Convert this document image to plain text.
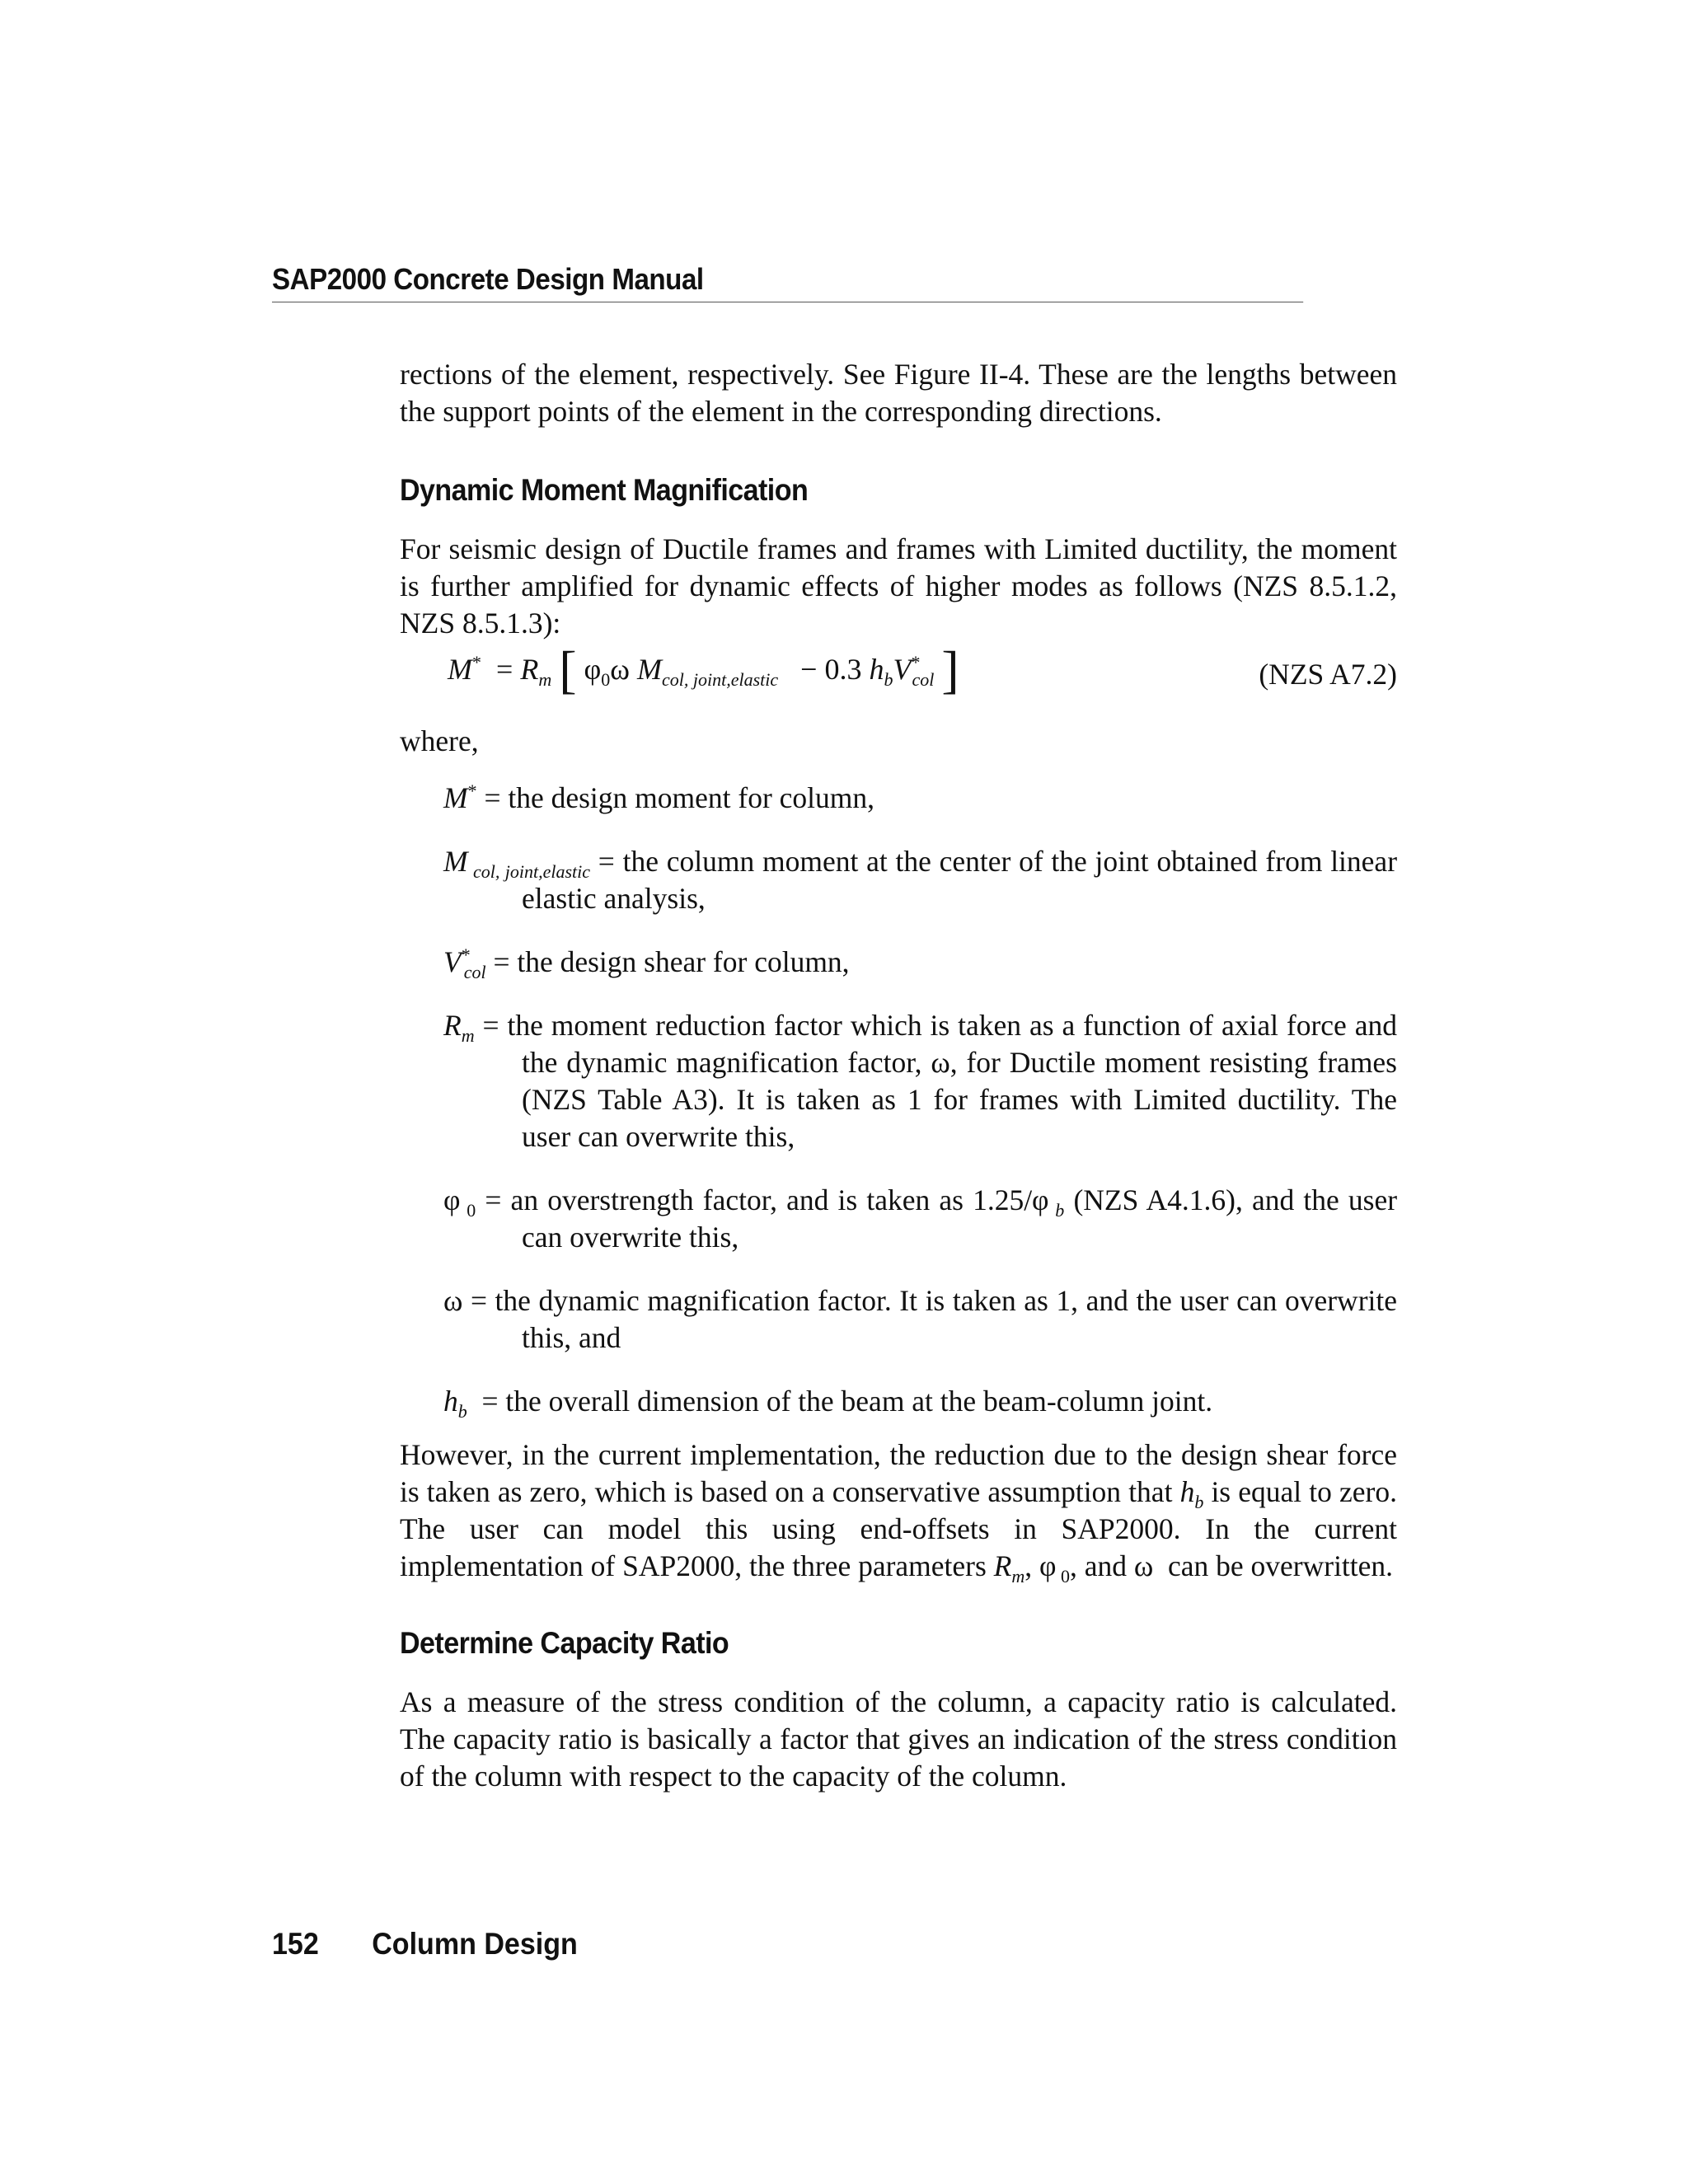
SAP2000 Concrete Design Manual

rections of the element, respectively. See Figure II-4. These are the lengths between the support points of the element in the corresponding directions.

Dynamic Moment Magnification

For seismic design of Ductile frames and frames with Limited ductility, the moment is further amplified for dynamic effects of higher modes as follows (NZS 8.5.1.2, NZS 8.5.1.3):

$M^* = R_m$ [ $\varphi_0\omega$ $M_{col, joint,elastic} - 0.3$ $h_bV^*_{col}$ ]	(NZS A7.2)

where,

M* = the design moment for column,

M $_{col, joint,elastic}$ = the column moment at the center of the joint obtained from linear elastic analysis,

$V^*_{col}$ = the design shear for column,

$R_m$ = the moment reduction factor which is taken as a function of axial force and the dynamic magnification factor, ω, for Ductile moment resisting frames (NZS Table A3). It is taken as 1 for frames with Limited ductility. The user can overwrite this,

φ $_0$ = an overstrength factor, and is taken as 1.25/φ $_b$ (NZS A4.1.6), and the user can overwrite this,

ω = the dynamic magnification factor. It is taken as 1, and the user can overwrite this, and

$h_b$ = the overall dimension of the beam at the beam-column joint.

However, in the current implementation, the reduction due to the design shear force is taken as zero, which is based on a conservative assumption that $h_b$ is equal to zero. The user can model this using end-offsets in SAP2000. In the current implementation of SAP2000, the three parameters $R_m$, φ $_0$, and ω  can be overwritten.

Determine Capacity Ratio

As a measure of the stress condition of the column, a capacity ratio is calculated. The capacity ratio is basically a factor that gives an indication of the stress condition of the column with respect to the capacity of the column.

152 Column Design
